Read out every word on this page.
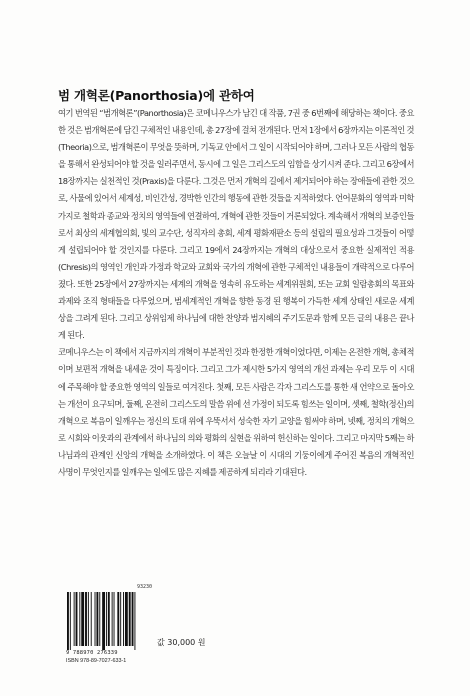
범 개혁론(Panorthosia)에 관하여

여기 번역된 “범개혁론”(Panorthosia)은 코메니우스가 남긴 대 작품, 7권 중 6번째에 해당하는 책이다. 중요한 것은 범개혁론에 담긴 구체적인 내용인데, 총 27장에 걸쳐 전개된다. 먼저 1장에서 6장까지는 이론적인 것(Theoria)으로, 범개혁론이 무엇을 뜻하며, 기독교 안에서 그 일이 시작되어야 하며, 그러나 모든 사람의 협동을 통해서 완성되어야 할 것을 일러주면서, 동시에 그 일은 그리스도의 임함을 상기시켜 준다. 그리고 6장에서 18장까지는 실천적인 것(Praxis)을 다룬다. 그것은 먼저 개혁의 길에서 제거되어야 하는 장애들에 관한 것으로, 사물에 있어서 세계성, 비인간성, 경박한 인간의 행동에 관한 것들을 지적하였다. 언어문화의 영역과 미학가지로 철학과 종교와 정치의 영역들에 연결하여, 개혁에 관한 것들이 거론되었다. 계속해서 개혁의 보증인들로서 최상의 세계협의회, 빛의 교수단, 성직자의 총회, 세계 평화재판소 등의 설립의 필요성과 그것들이 어떻게 설립되어야 할 것인지를 다룬다. 그리고 19에서 24장까지는 개혁의 대상으로서 중요한 실제적인 적용(Chresis)의 영역인 개인과 가정과 학교와 교회와 국가의 개혁에 관한 구체적인 내용들이 개략적으로 다루어졌다. 또한 25장에서 27장까지는 세계의 개혁을 영속히 유도하는 세계위원회, 또는 교회 일람총회의 목표와 과제와 조직 형태들을 다루었으며, 범세계적인 개혁을 향한 동경 된 행복이 가득한 세계 상태인 새로운 세계상을 그려게 된다. 그리고 상위임제 하나님에 대한 찬양과 범지혜의 주기도문과 함께 모든 글의 내용은 끝나게 된다.

코메니우스는 이 책에서 지금까지의 개혁이 부분적인 것과 한정한 개혁이었다면, 이제는 온전한 개혁, 총체적이며 보편적 개혁을 내세운 것이 특징이다. 그리고 그가 제시한 5가지 영역의 개선 과제는 우리 모두 이 시대에 주목해야 할 중요한 영역의 일들로 여겨진다. 첫째, 모든 사람은 각자 그리스도를 통한 새 언약으로 돌아오는 개선이 요구되며, 둘째, 온전히 그리스도의 말씀 위에 선 가정이 되도록 힘쓰는 일이며, 셋째, 철학(정신)의 개혁으로 복음이 일깨우는 정신의 토대 위에 우뚝서서 성숙한 자기 교양을 힘써야 하며, 넷째, 정치의 개혁으로 시회와 이웃과의 관계에서 하나님의 의와 평화의 실현을 위하여 헌신하는 일이다. 그리고 마지막 5째는 하나님과의 관계인 신앙의 개혁을 소개하였다. 이 책은 오늘날 이 시대의 기둥이에게 주어진 복음의 개혁적인 사명이 무엇인지를 일깨우는 일에도 많은 지혜를 제공하게 되리라 기대된다.

93230
9 788970 276339
ISBN 978-89-7027-633-1
값 30,000 원
